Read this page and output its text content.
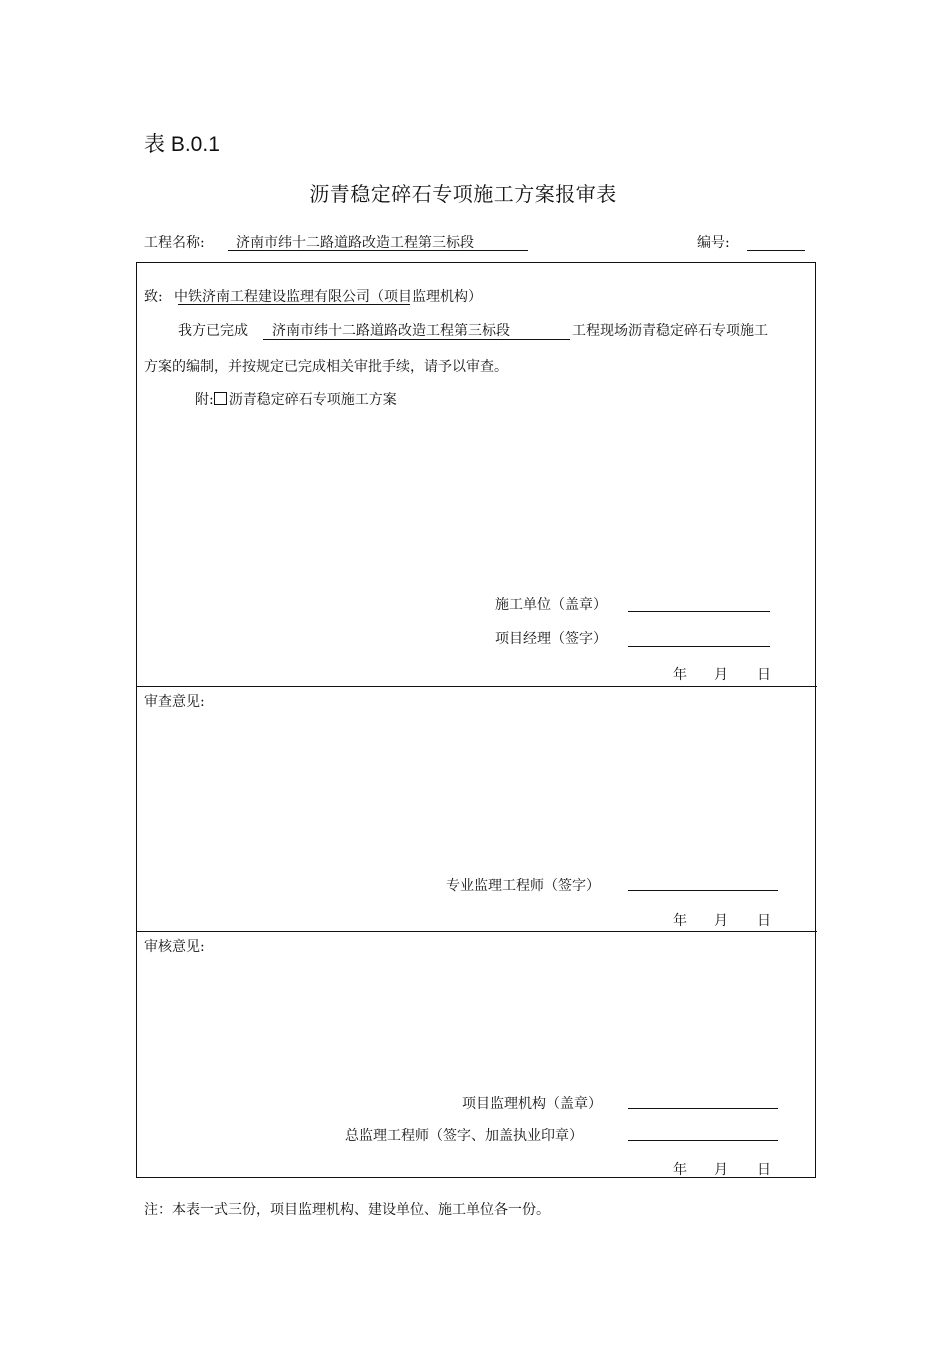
表 B.0.1
沥青稳定碎石专项施工方案报审表
工程名称: 济南市纬十二路道路改造工程第三标段	编号:
致: 中铁济南工程建设监理有限公司（项目监理机构）
我方已完成 济南市纬十二路道路改造工程第三标段	工程现场沥青稳定碎石专项施工
方案的编制，并按规定已完成相关审批手续，请予以审查。
附: 沥青稳定碎石专项施工方案
施工单位（盖章）
项目经理（签字）
年 月 日
审查意见:
专业监理工程师（签字）
年 月 日
审核意见:
项目监理机构（盖章）
总监理工程师（签字、加盖执业印章）
年 月 日
注：本表一式三份，项目监理机构、建设单位、施工单位各一份。
